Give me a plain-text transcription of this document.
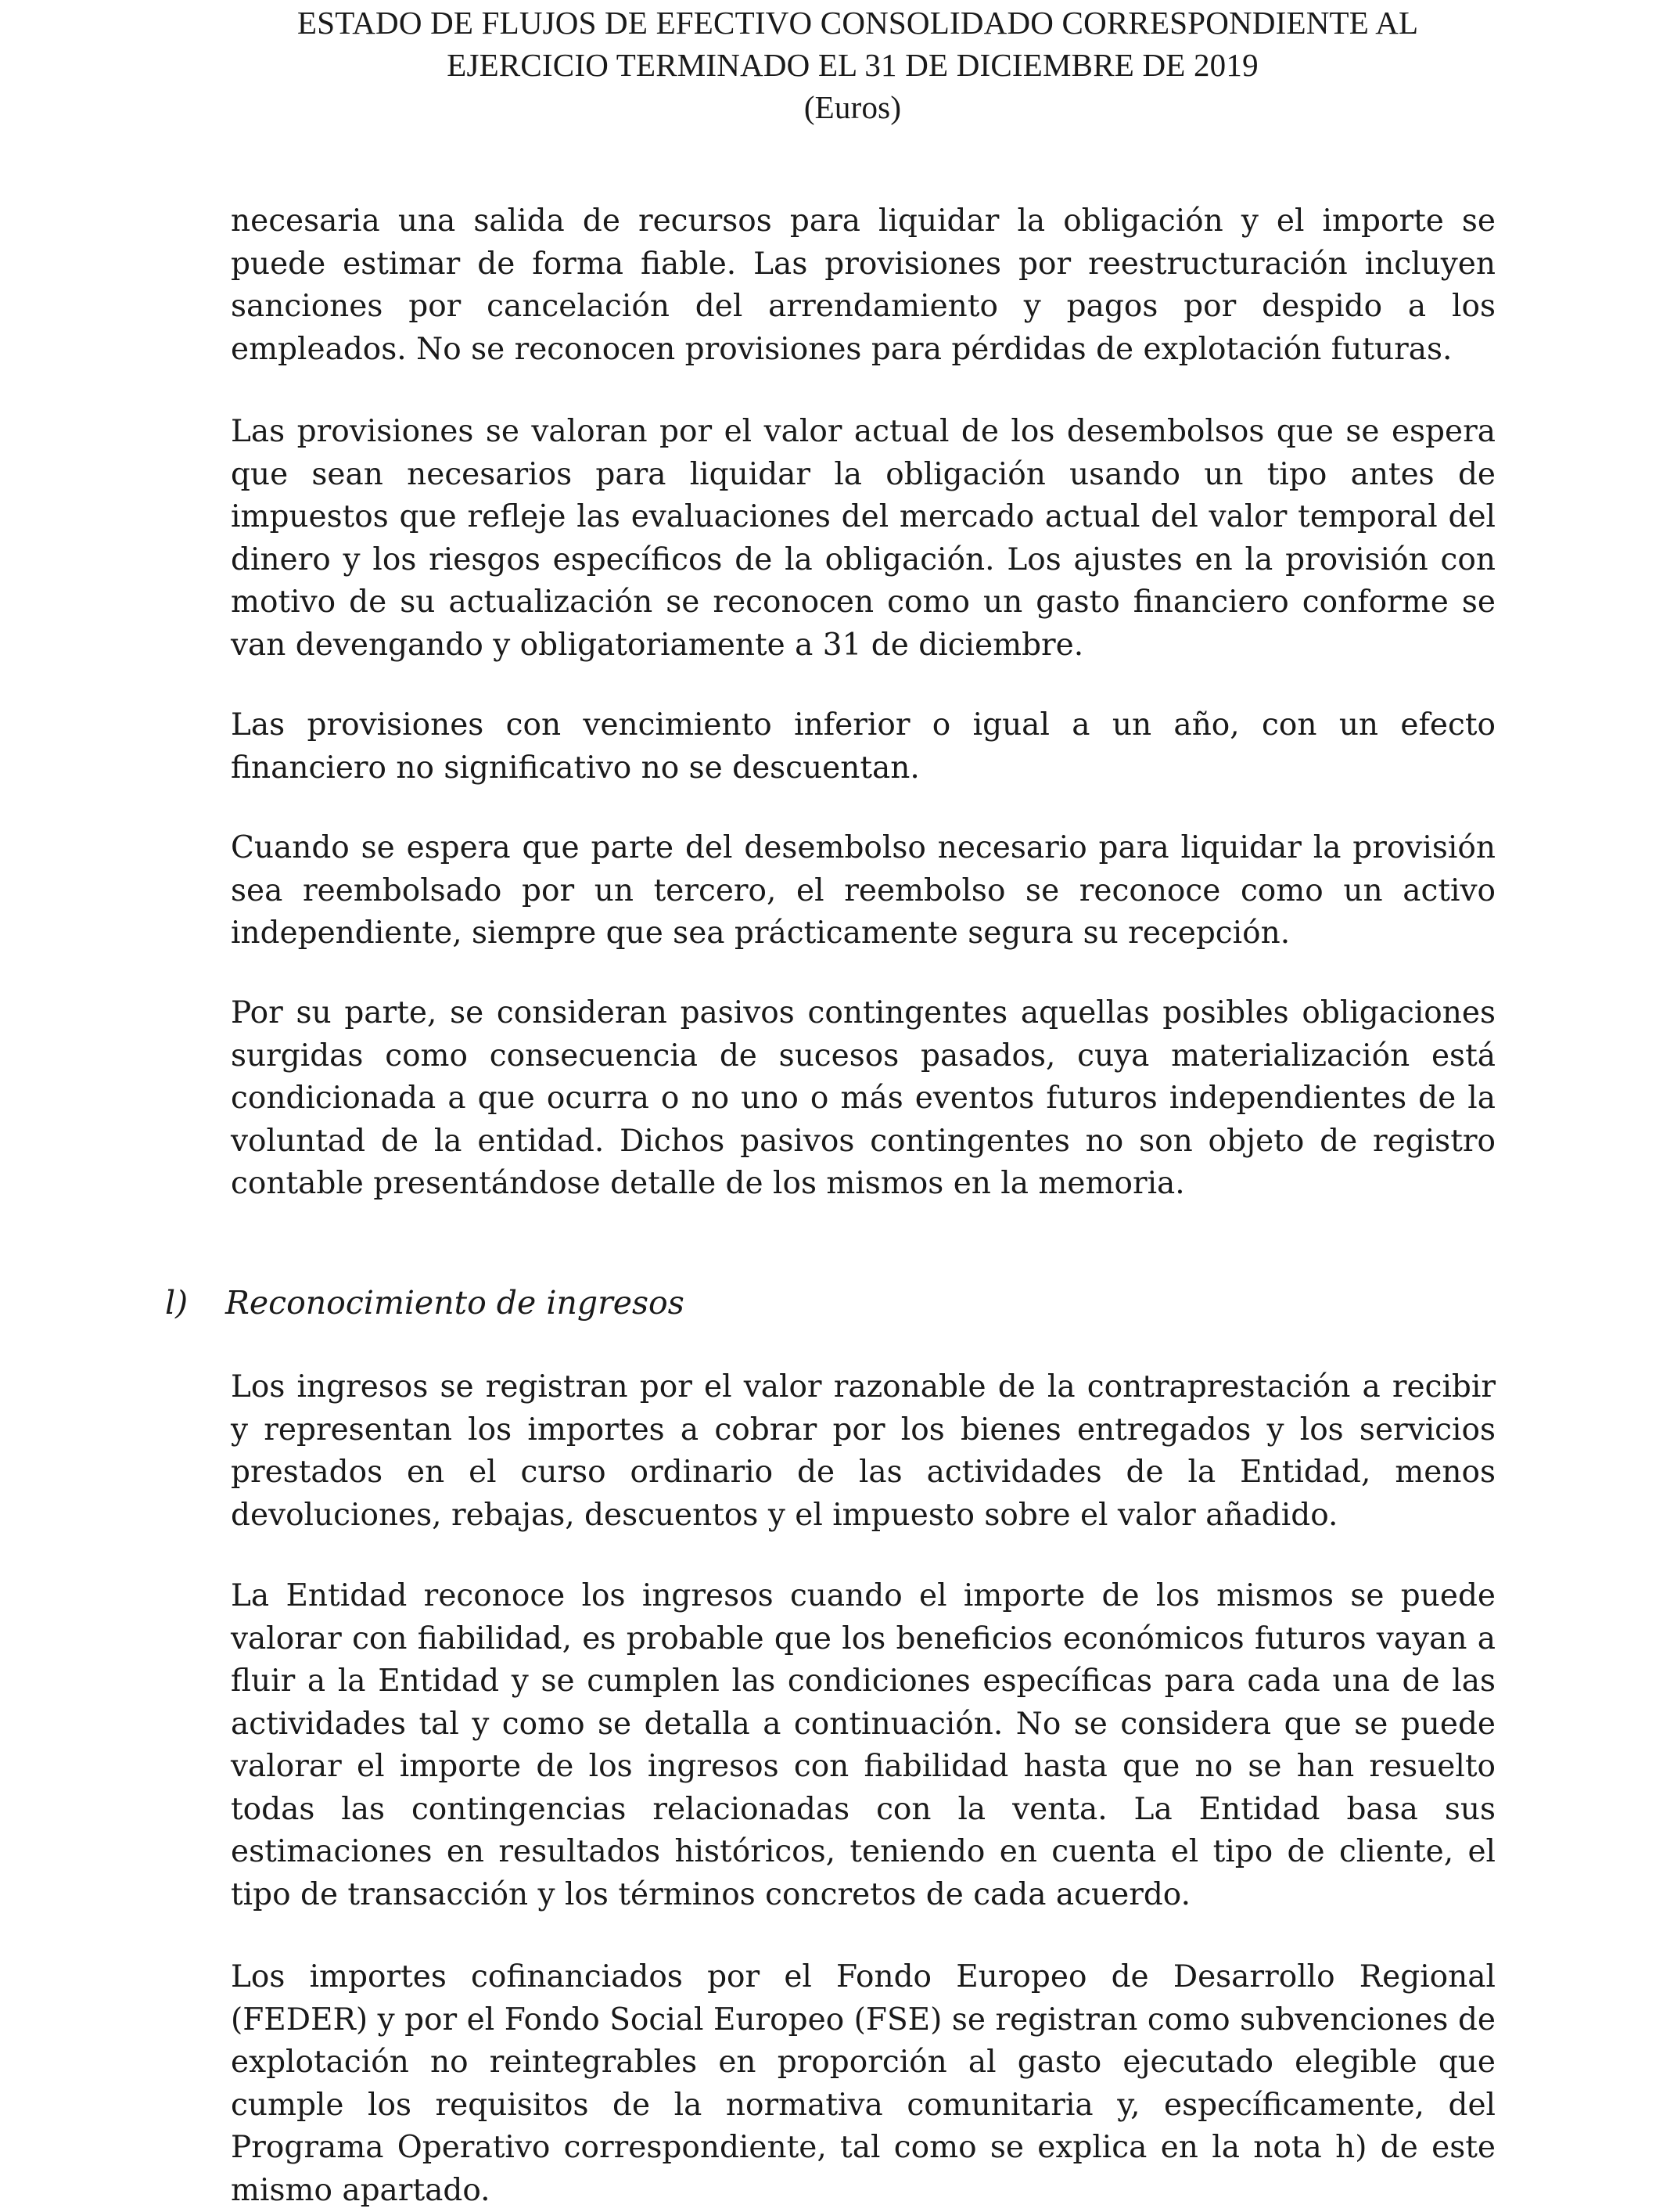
ESTADO DE FLUJOS DE EFECTIVO CONSOLIDADO CORRESPONDIENTE AL
EJERCICIO TERMINADO EL 31 DE DICIEMBRE DE 2019
(Euros)

necesaria una salida de recursos para liquidar la obligación y el importe se puede estimar de forma fiable. Las provisiones por reestructuración incluyen sanciones por cancelación del arrendamiento y pagos por despido a los empleados. No se reconocen provisiones para pérdidas de explotación futuras.

Las provisiones se valoran por el valor actual de los desembolsos que se espera que sean necesarios para liquidar la obligación usando un tipo antes de impuestos que refleje las evaluaciones del mercado actual del valor temporal del dinero y los riesgos específicos de la obligación. Los ajustes en la provisión con motivo de su actualización se reconocen como un gasto financiero conforme se van devengando y obligatoriamente a 31 de diciembre.

Las provisiones con vencimiento inferior o igual a un año, con un efecto financiero no significativo no se descuentan.

Cuando se espera que parte del desembolso necesario para liquidar la provisión sea reembolsado por un tercero, el reembolso se reconoce como un activo independiente, siempre que sea prácticamente segura su recepción.

Por su parte, se consideran pasivos contingentes aquellas posibles obligaciones surgidas como consecuencia de sucesos pasados, cuya materialización está condicionada a que ocurra o no uno o más eventos futuros independientes de la voluntad de la entidad. Dichos pasivos contingentes no son objeto de registro contable presentándose detalle de los mismos en la memoria.

l) Reconocimiento de ingresos

Los ingresos se registran por el valor razonable de la contraprestación a recibir y representan los importes a cobrar por los bienes entregados y los servicios prestados en el curso ordinario de las actividades de la Entidad, menos devoluciones, rebajas, descuentos y el impuesto sobre el valor añadido.

La Entidad reconoce los ingresos cuando el importe de los mismos se puede valorar con fiabilidad, es probable que los beneficios económicos futuros vayan a fluir a la Entidad y se cumplen las condiciones específicas para cada una de las actividades tal y como se detalla a continuación. No se considera que se puede valorar el importe de los ingresos con fiabilidad hasta que no se han resuelto todas las contingencias relacionadas con la venta. La Entidad basa sus estimaciones en resultados históricos, teniendo en cuenta el tipo de cliente, el tipo de transacción y los términos concretos de cada acuerdo.

Los importes cofinanciados por el Fondo Europeo de Desarrollo Regional (FEDER) y por el Fondo Social Europeo (FSE) se registran como subvenciones de explotación no reintegrables en proporción al gasto ejecutado elegible que cumple los requisitos de la normativa comunitaria y, específicamente, del Programa Operativo correspondiente, tal como se explica en la nota h) de este mismo apartado.
